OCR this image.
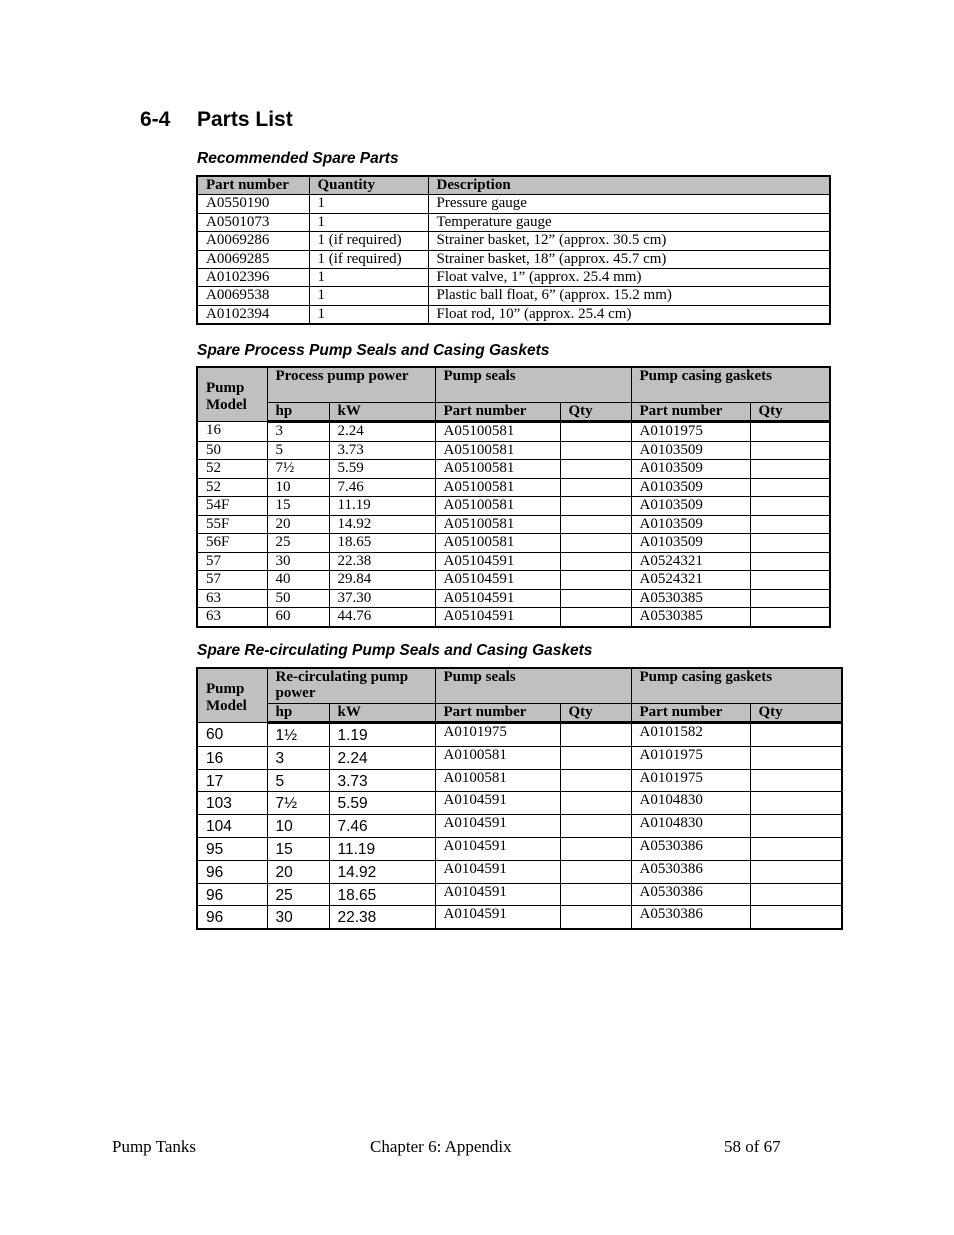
6-4 Parts List

Recommended Spare Parts

Part number	Quantity	Description
A0550190	1	Pressure gauge
A0501073	1	Temperature gauge
A0069286	1 (if required)	Strainer basket, 12” (approx. 30.5 cm)
A0069285	1 (if required)	Strainer basket, 18” (approx. 45.7 cm)
A0102396	1	Float valve, 1” (approx. 25.4 mm)
A0069538	1	Plastic ball float, 6” (approx. 15.2 mm)
A0102394	1	Float rod, 10” (approx. 25.4 cm)

Spare Process Pump Seals and Casing Gaskets

Pump Model	Process pump power		Pump seals		Pump casing gaskets	
	hp	kW	Part number	Qty	Part number	Qty
16	3	2.24	A05100581		A0101975	
50	5	3.73	A05100581		A0103509	
52	7½	5.59	A05100581		A0103509	
52	10	7.46	A05100581		A0103509	
54F	15	11.19	A05100581		A0103509	
55F	20	14.92	A05100581		A0103509	
56F	25	18.65	A05100581		A0103509	
57	30	22.38	A05104591		A0524321	
57	40	29.84	A05104591		A0524321	
63	50	37.30	A05104591		A0530385	
63	60	44.76	A05104591		A0530385	

Spare Re-circulating Pump Seals and Casing Gaskets

Pump Model	Re-circulating pump power		Pump seals		Pump casing gaskets	
	hp	kW	Part number	Qty	Part number	Qty
60	1½	1.19	A0101975		A0101582	
16	3	2.24	A0100581		A0101975	
17	5	3.73	A0100581		A0101975	
103	7½	5.59	A0104591		A0104830	
104	10	7.46	A0104591		A0104830	
95	15	11.19	A0104591		A0530386	
96	20	14.92	A0104591		A0530386	
96	25	18.65	A0104591		A0530386	
96	30	22.38	A0104591		A0530386	
Pump Tanks	Chapter 6: Appendix	58 of 67
